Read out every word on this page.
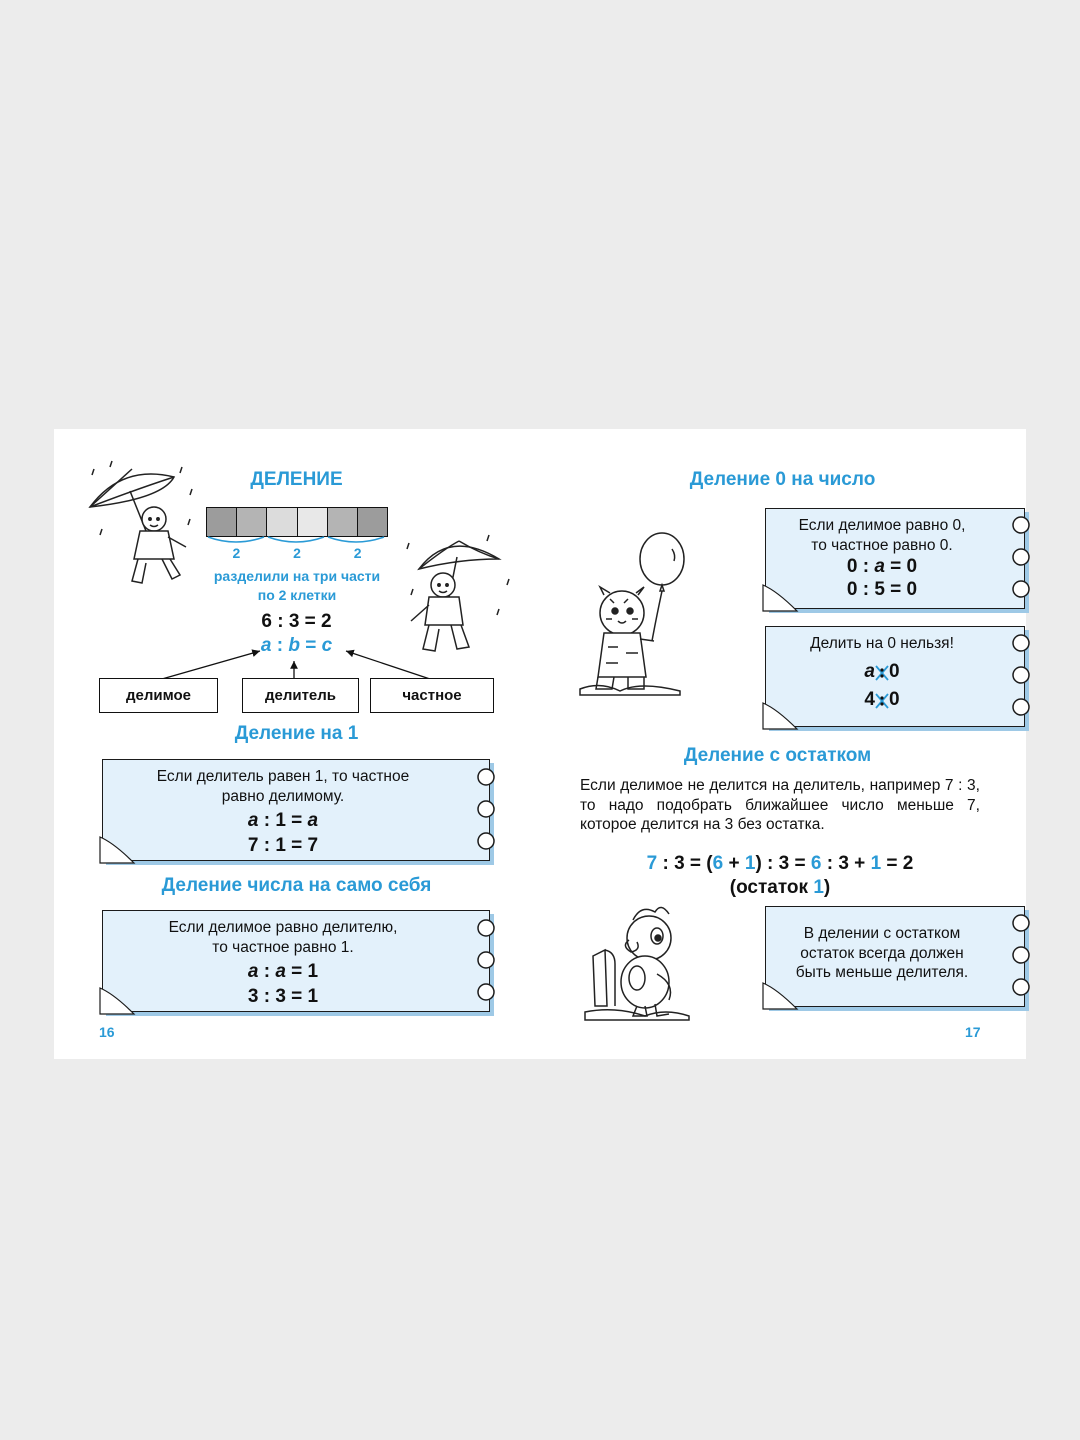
ДЕЛЕНИЕ
2	2	2
разделили на три части
по 2 клетки
6 : 3 = 2
a : b = c
делимое	делитель	частное
Деление на 1
Если делитель равен 1, то частное
равно делимому.
a : 1 = a
7 : 1 = 7
Деление числа на само себя
Если делимое равно делителю,
то частное равно 1.
a : a = 1
3 : 3 = 1
16
Деление 0 на число
Если делимое равно 0,
то частное равно 0.
0 : a = 0
0 : 5 = 0
Делить на 0 нельзя!
a 0
4 0
Деление с остатком
Если делимое не делится на делитель, например 7 : 3, то надо подобрать ближайшее число меньше 7, которое делится на 3 без остатка.
7 : 3 = (6 + 1) : 3 = 6 : 3 + 1 = 2
(остаток 1)
В делении с остатком
остаток всегда должен
быть меньше делителя.
17
